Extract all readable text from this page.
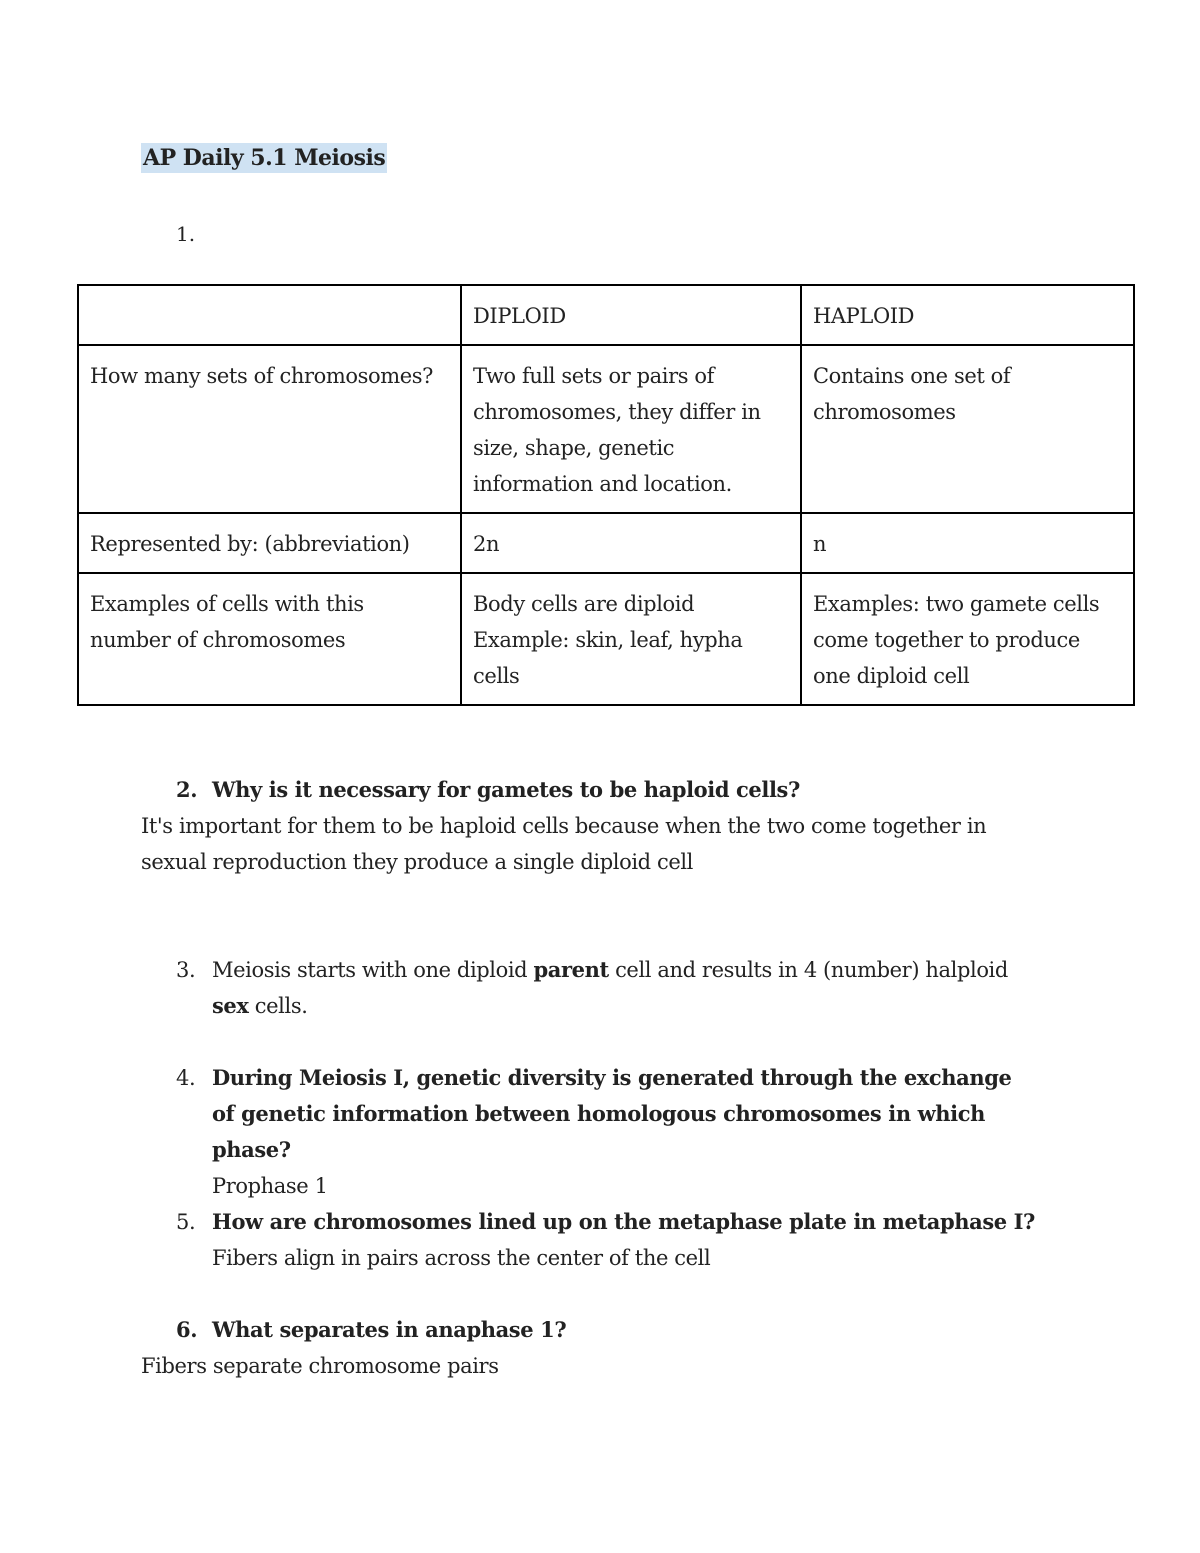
AP Daily 5.1 Meiosis
1.
	DIPLOID	HAPLOID
How many sets of chromosomes?	Two full sets or pairs of chromosomes, they differ in size, shape, genetic information and location.	Contains one set of chromosomes
Represented by: (abbreviation)	2n	n
Examples of cells with this number of chromosomes	Body cells are diploid Example: skin, leaf, hypha cells	Examples: two gamete cells come together to produce one diploid cell
2. Why is it necessary for gametes to be haploid cells?
It's important for them to be haploid cells because when the two come together in sexual reproduction they produce a single diploid cell
3. Meiosis starts with one diploid parent cell and results in 4 (number) halploid sex cells.
4. During Meiosis I, genetic diversity is generated through the exchange of genetic information between homologous chromosomes in which phase?
Prophase 1
5. How are chromosomes lined up on the metaphase plate in metaphase I?
Fibers align in pairs across the center of the cell
6. What separates in anaphase 1?
Fibers separate chromosome pairs
